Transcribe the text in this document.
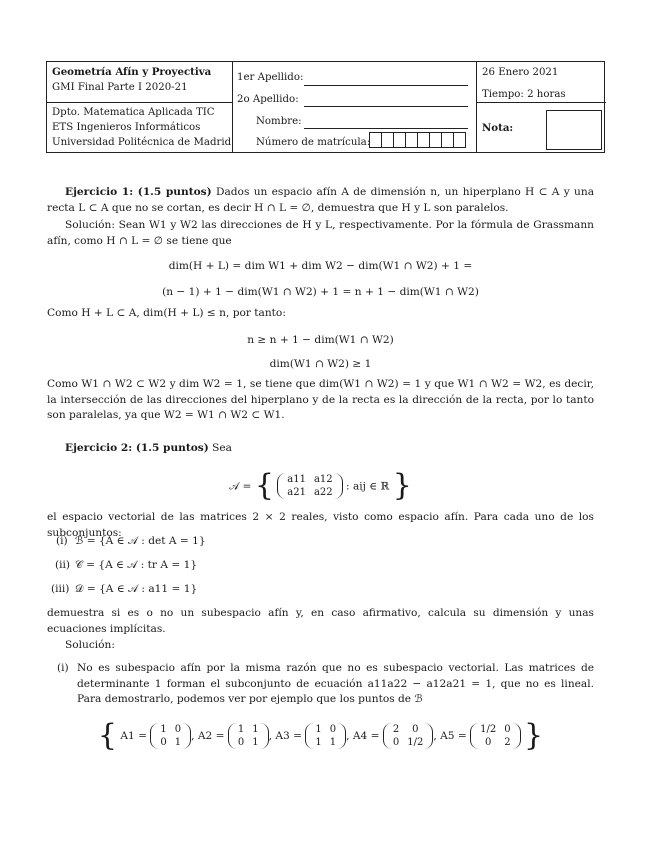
Geometría Afín y Proyectiva
GMI Final Parte I 2020-21
Dpto. Matematica Aplicada TIC
ETS Ingenieros Informáticos
Universidad Politécnica de Madrid
1er Apellido:
2o Apellido:
Nombre:
Número de matrícula:
26 Enero 2021
Tiempo: 2 horas
Nota:
Ejercicio 1: (1.5 puntos) Dados un espacio afín A de dimensión n, un hiperplano H ⊂ A y una recta L ⊂ A que no se cortan, es decir H ∩ L = ∅, demuestra que H y L son paralelos.
Solución: Sean W1 y W2 las direcciones de H y L, respectivamente. Por la fórmula de Grassmann afín, como H ∩ L = ∅ se tiene que
dim(H + L) = dim W1 + dim W2 − dim(W1 ∩ W2) + 1 =
(n − 1) + 1 − dim(W1 ∩ W2) + 1 = n + 1 − dim(W1 ∩ W2)
Como H + L ⊂ A, dim(H + L) ≤ n, por tanto:
n ≥ n + 1 − dim(W1 ∩ W2)
dim(W1 ∩ W2) ≥ 1
Como W1 ∩ W2 ⊂ W2 y dim W2 = 1, se tiene que dim(W1 ∩ W2) = 1 y que W1 ∩ W2 = W2, es decir, la intersección de las direcciones del hiperplano y de la recta es la dirección de la recta, por lo tanto son paralelas, ya que W2 = W1 ∩ W2 ⊂ W1.
Ejercicio 2: (1.5 puntos) Sea
𝒜 = { a11	a12
a21	a22
: aij ∈ ℝ }
el espacio vectorial de las matrices 2 × 2 reales, visto como espacio afín. Para cada uno de los subconjuntos:
(i) ℬ = {A ∈ 𝒜 : det A = 1}
(ii) 𝒞 = {A ∈ 𝒜 : tr A = 1}
(iii) 𝒟 = {A ∈ 𝒜 : a11 = 1}
demuestra si es o no un subespacio afín y, en caso afirmativo, calcula su dimensión y unas ecuaciones implícitas.
Solución:
(i) No es subespacio afín por la misma razón que no es subespacio vectorial. Las matrices de determinante 1 forman el subconjunto de ecuación a11a22 − a12a21 = 1, que no es lineal. Para demostrarlo, podemos ver por ejemplo que los puntos de ℬ
{ A1 =
1	0
0	1
, A2 =
1	1
0	1
, A3 =
1	0
1	1
, A4 =
2	0
0	1/2
, A5 =
1/2	0
0	2 }
